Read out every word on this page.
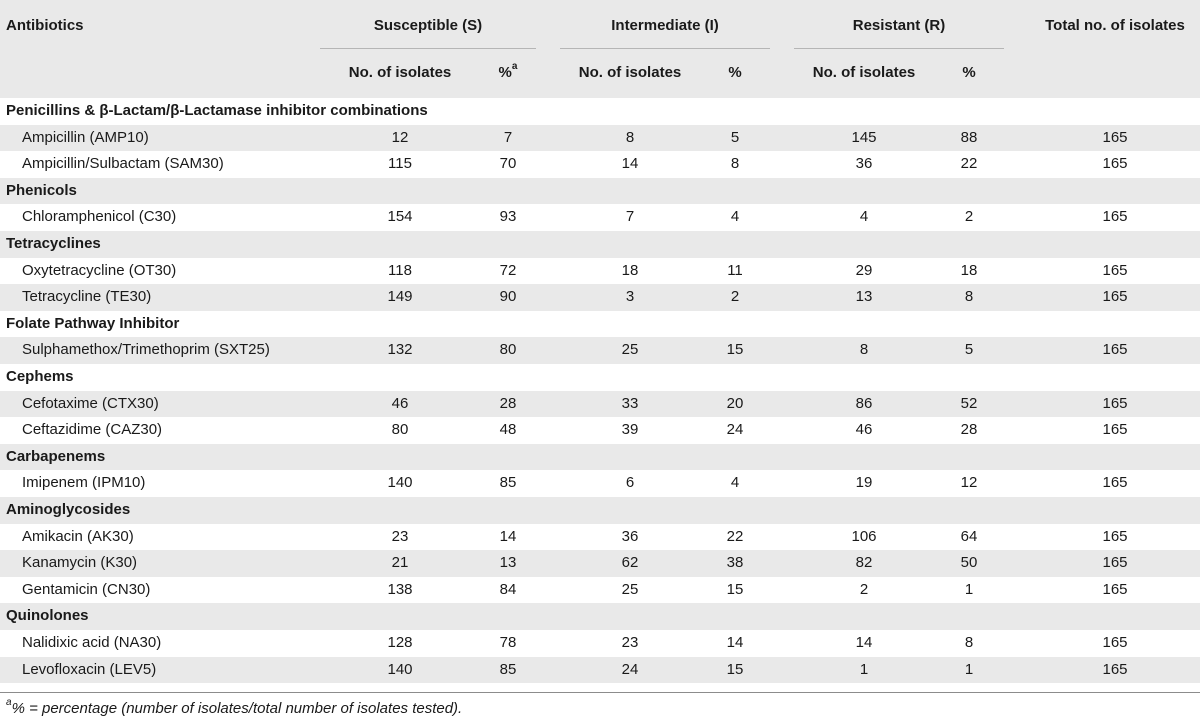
Antibiotics	Susceptible (S)	Intermediate (I)	Resistant (R)	Total no. of isolates
No. of isolates	%$^a$	No. of isolates	%	No. of isolates	%
Penicillins & β-Lactam/β-Lactamase inhibitor combinations
Ampicillin (AMP10)	12	7	8	5	145	88	165
Ampicillin/Sulbactam (SAM30)	115	70	14	8	36	22	165
Phenicols
Chloramphenicol (C30)	154	93	7	4	4	2	165
Tetracyclines
Oxytetracycline (OT30)	118	72	18	11	29	18	165
Tetracycline (TE30)	149	90	3	2	13	8	165
Folate Pathway Inhibitor
Sulphamethox/Trimethoprim (SXT25)	132	80	25	15	8	5	165
Cephems
Cefotaxime (CTX30)	46	28	33	20	86	52	165
Ceftazidime (CAZ30)	80	48	39	24	46	28	165
Carbapenems
Imipenem (IPM10)	140	85	6	4	19	12	165
Aminoglycosides
Amikacin (AK30)	23	14	36	22	106	64	165
Kanamycin (K30)	21	13	62	38	82	50	165
Gentamicin (CN30)	138	84	25	15	2	1	165
Quinolones
Nalidixic acid (NA30)	128	78	23	14	14	8	165
Levofloxacin (LEV5)	140	85	24	15	1	1	165
$^a$% = percentage (number of isolates/total number of isolates tested).
